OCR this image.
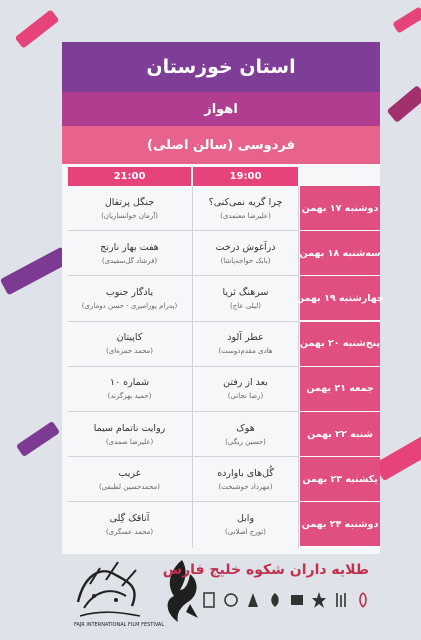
استان خوزستان
اهواز
فردوسی (سالن اصلی)
19:00
21:00
دوشنبه ۱۷ بهمن
چرا گریه نمی‌کنی؟
(علیرضا معتمدی)
جنگل پرتقال
(آرمان خوانساریان)
سه‌شنبه ۱۸ بهمن
درآغوش درخت
(بابک خواجه‌پاشا)
هفت بهار نارنج
(فرشاد گل‌سفیدی)
چهارشنبه ۱۹ بهمن
سرهنگ ثریا
(لیلی عاج)
یادگار جنوب
(پدرام پورامیری - حسن دوماری)
پنج‌شنبه ۲۰ بهمن
عطر آلود
هادی مقدم‌دوست)
کاپیتان
(محمد حمزه‌ای)
جمعه ۲۱ بهمن
بعد از رفتن
(رضا نجاتی)
شماره ۱۰
(حمید بهرگزند)
شنبه ۲۲ بهمن
هوک
(حسین ریگی)
روایت ناتمام سیما
(علیرضا صمدی)
یکشنبه ۲۳ بهمن
گُل‌های باوارده
(مهرداد خوشبخت)
غریب
(محمدحسین لطیفی)
دوشنبه ۲۴ بهمن
وابل
(تورج اصلانی)
آناقک گِلی
(محمد عسگری)
FAJR INTERNATIONAL FILM FESTIVAL
طلایه داران شکوه خلیج فارس
